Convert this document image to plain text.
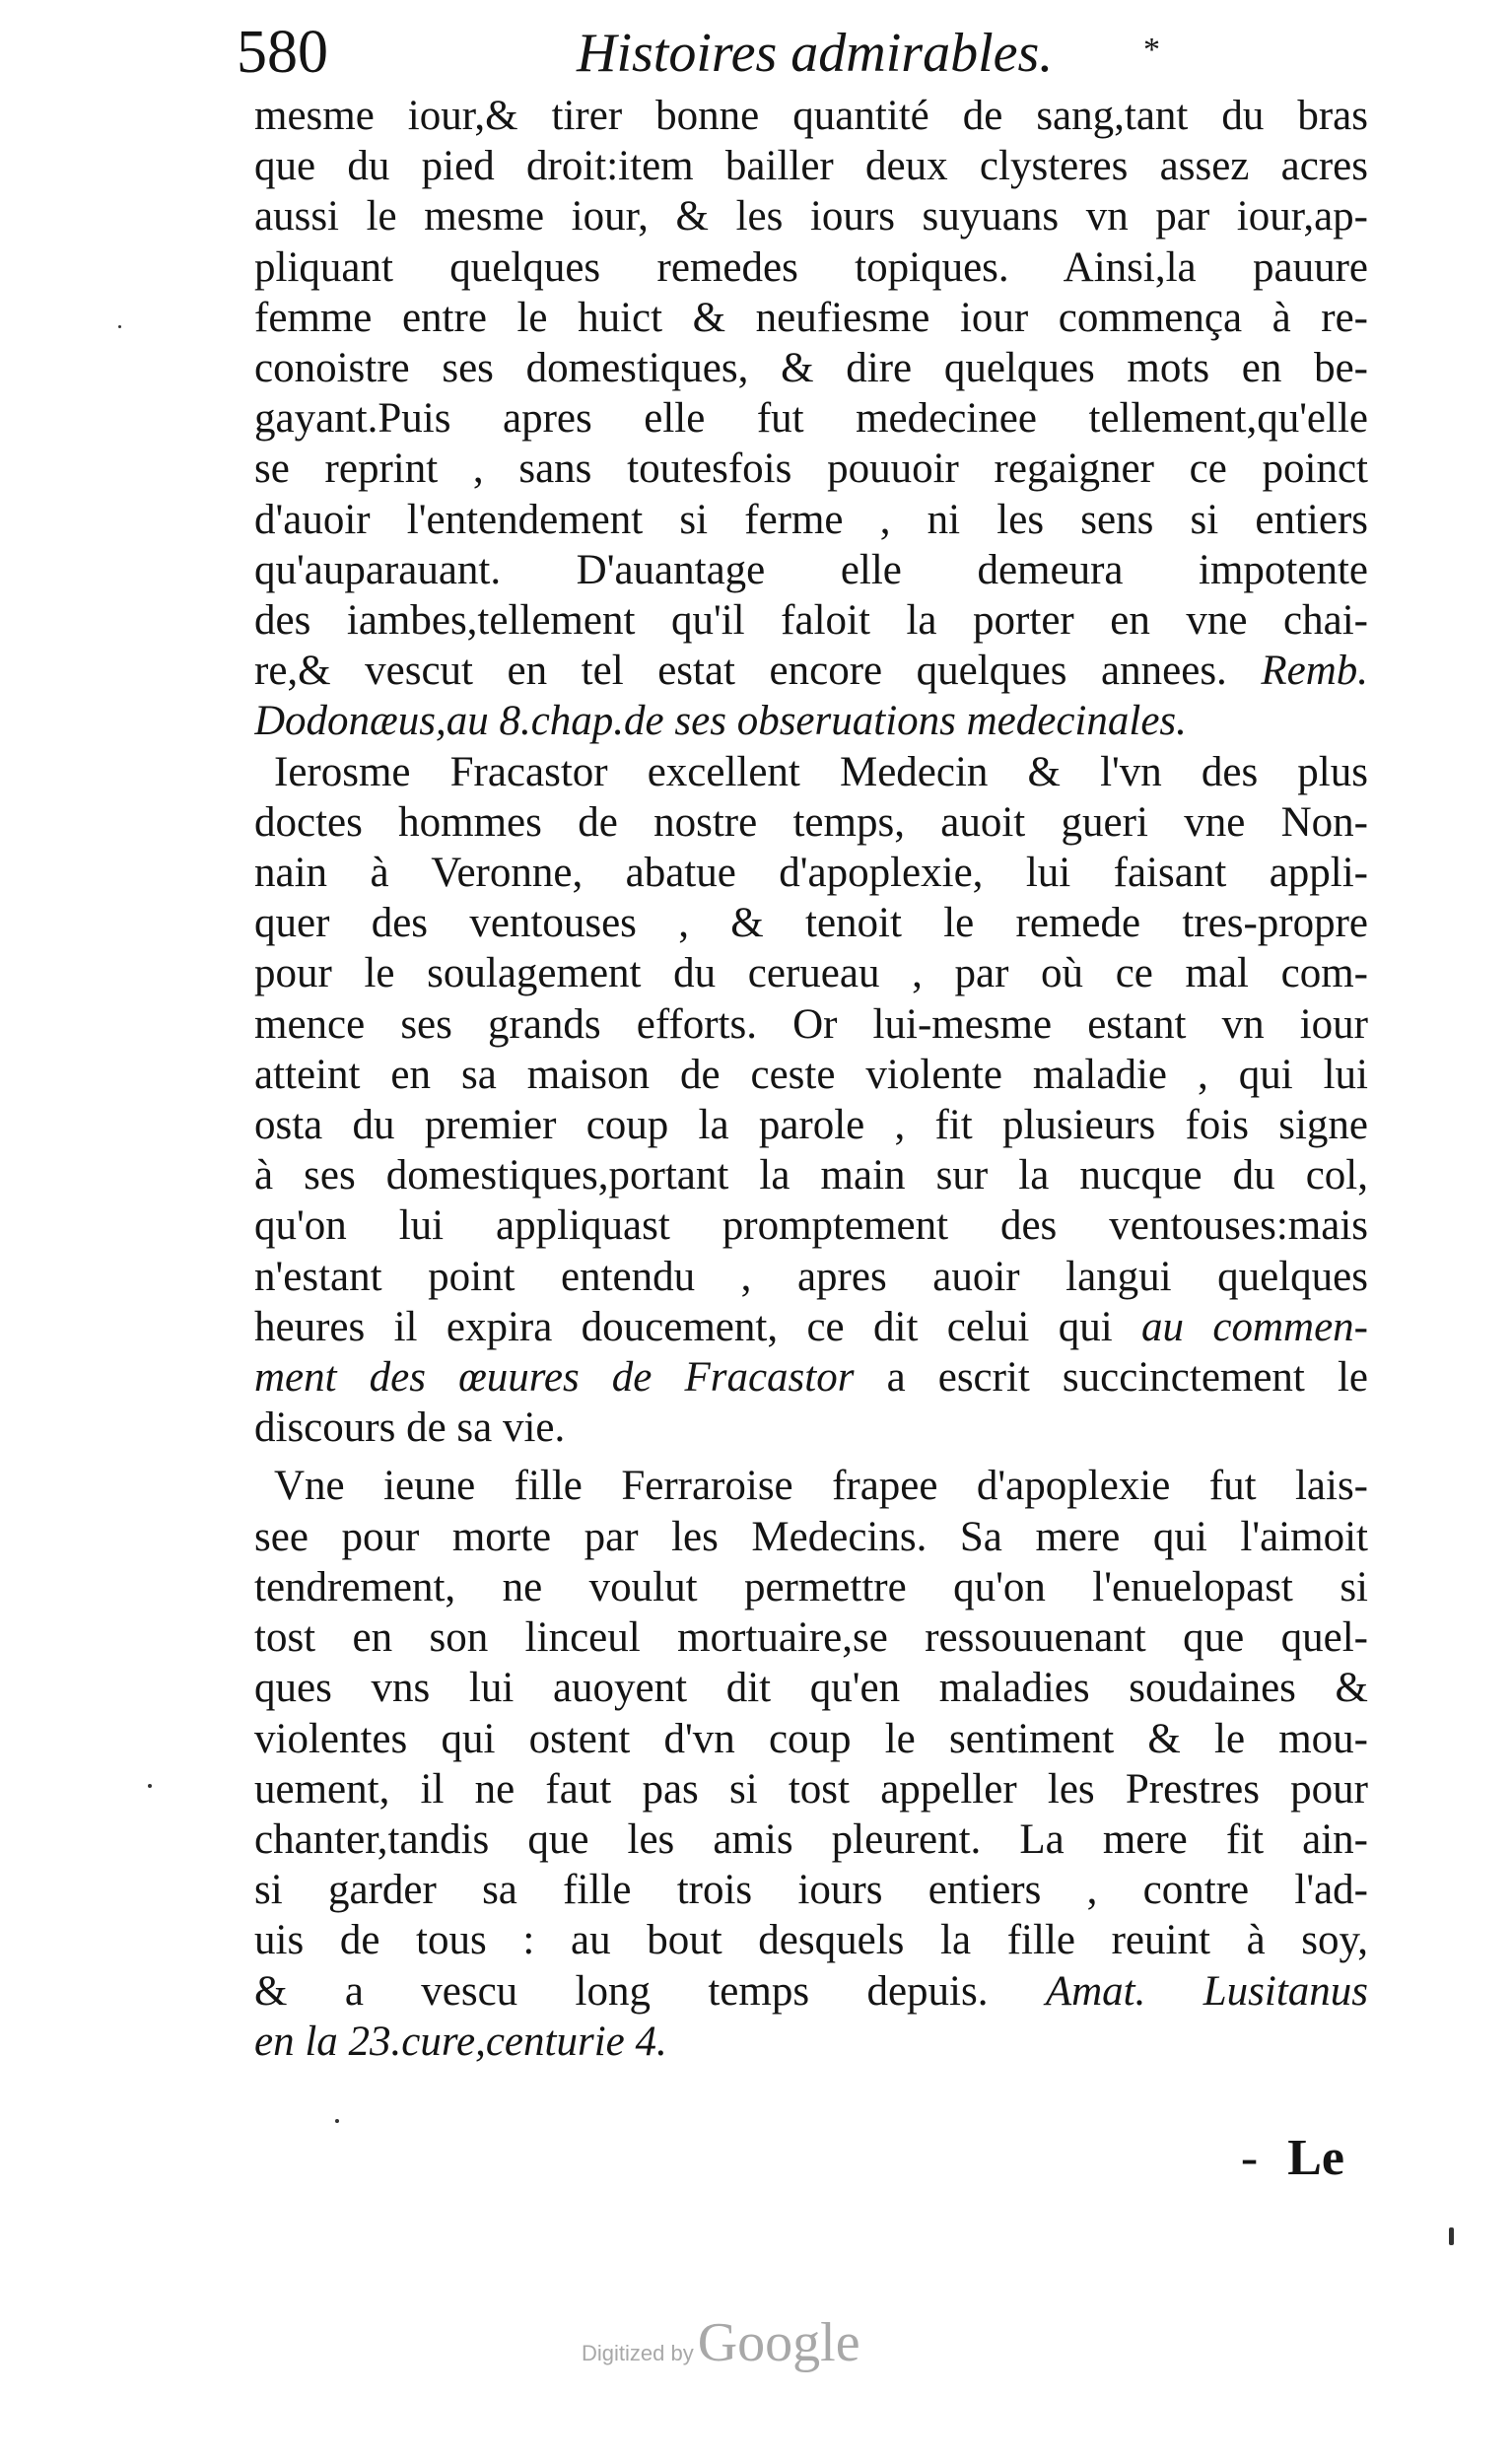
580	Histoires admirables.	*
mesme iour,& tirer bonne quantité de sang,tant du bras
que du pied droit:item bailler deux clysteres assez acres
aussi le mesme iour, & les iours suyuans vn par iour,ap-
pliquant quelques remedes topiques. Ainsi,la pauure
femme entre le huict & neufiesme iour commença à re-
conoistre ses domestiques, & dire quelques mots en be-
gayant.Puis apres elle fut medecinee tellement,qu'elle
se reprint , sans toutesfois pouuoir regaigner ce poinct
d'auoir l'entendement si ferme , ni les sens si entiers
qu'auparauant. D'auantage elle demeura impotente
des iambes,tellement qu'il faloit la porter en vne chai-
re,& vescut en tel estat encore quelques annees. Remb.
Dodonæus,au 8.chap.de ses obseruations medecinales.
Ierosme Fracastor excellent Medecin & l'vn des plus
doctes hommes de nostre temps, auoit gueri vne Non-
nain à Veronne, abatue d'apoplexie, lui faisant appli-
quer des ventouses , & tenoit le remede tres-propre
pour le soulagement du cerueau , par où ce mal com-
mence ses grands efforts. Or lui-mesme estant vn iour
atteint en sa maison de ceste violente maladie , qui lui
osta du premier coup la parole , fit plusieurs fois signe
à ses domestiques,portant la main sur la nucque du col,
qu'on lui appliquast promptement des ventouses:mais
n'estant point entendu , apres auoir langui quelques
heures il expira doucement, ce dit celui qui au commen-
ment des œuures de Fracastor a escrit succinctement le
discours de sa vie.
Vne ieune fille Ferraroise frapee d'apoplexie fut lais-
see pour morte par les Medecins. Sa mere qui l'aimoit
tendrement, ne voulut permettre qu'on l'enuelopast si
tost en son linceul mortuaire,se ressouuenant que quel-
ques vns lui auoyent dit qu'en maladies soudaines &
violentes qui ostent d'vn coup le sentiment & le mou-
uement, il ne faut pas si tost appeller les Prestres pour
chanter,tandis que les amis pleurent. La mere fit ain-
si garder sa fille trois iours entiers , contre l'ad-
uis de tous : au bout desquels la fille reuint à soy,
& a vescu long temps depuis. Amat. Lusitanus
en la 23.cure,centurie 4.
- Le
Digitized by Google
